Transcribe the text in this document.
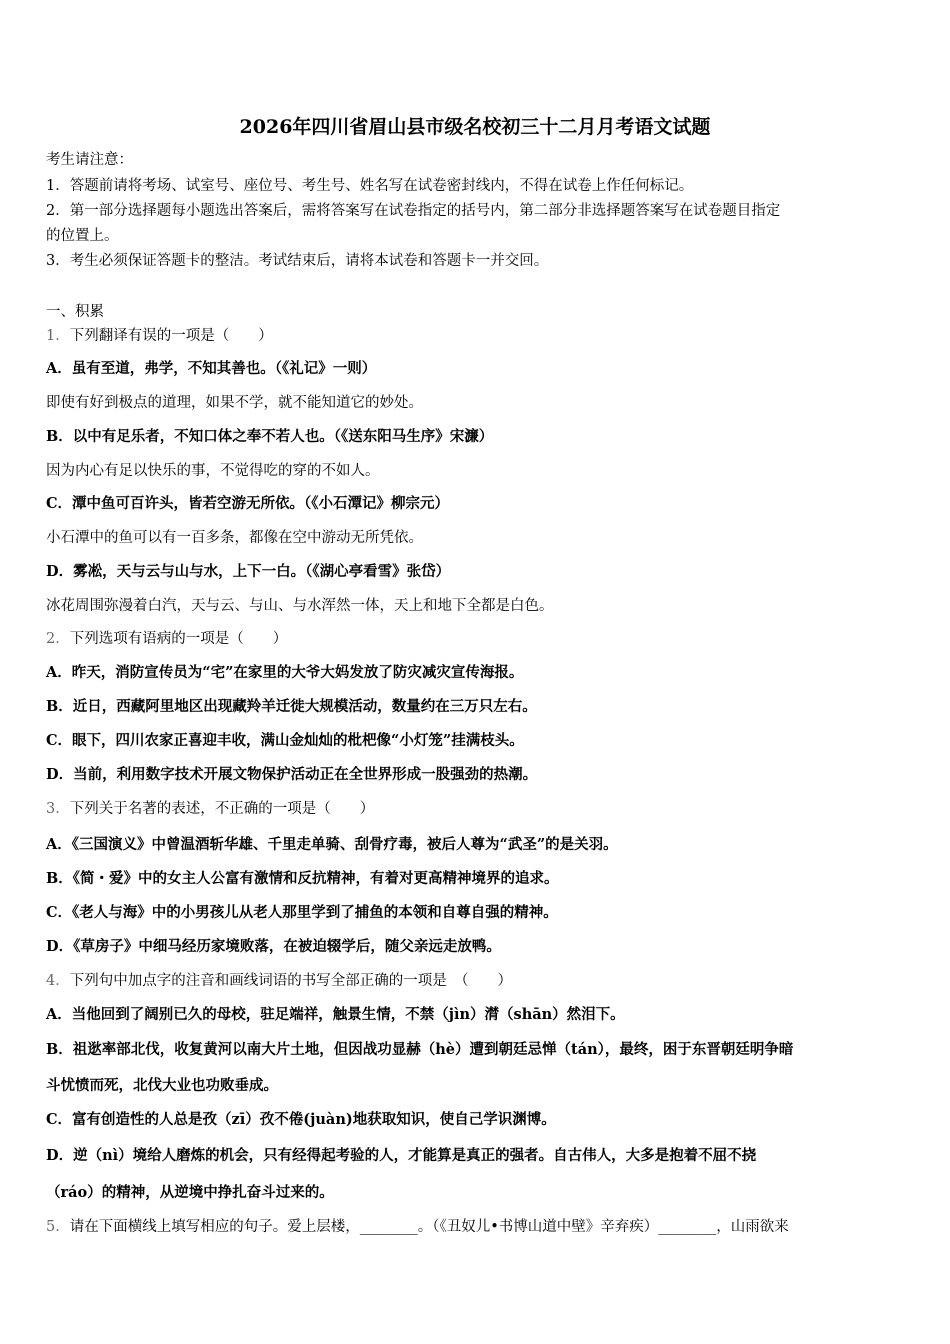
2026年四川省眉山县市级名校初三十二月月考语文试题
考生请注意：
1．答题前请将考场、试室号、座位号、考生号、姓名写在试卷密封线内，不得在试卷上作任何标记。
2．第一部分选择题每小题选出答案后，需将答案写在试卷指定的括号内，第二部分非选择题答案写在试卷题目指定
的位置上。
3．考生必须保证答题卡的整洁。考试结束后，请将本试卷和答题卡一并交回。
一、积累
1．下列翻译有误的一项是（　　）
A．虽有至道，弗学，不知其善也。（《礼记》一则）
即使有好到极点的道理，如果不学，就不能知道它的妙处。
B．以中有足乐者，不知口体之奉不若人也。（《送东阳马生序》宋濂）
因为内心有足以快乐的事，不觉得吃的穿的不如人。
C．潭中鱼可百许头，皆若空游无所依。（《小石潭记》柳宗元）
小石潭中的鱼可以有一百多条，都像在空中游动无所凭依。
D．雾凇，天与云与山与水，上下一白。（《湖心亭看雪》张岱）
冰花周围弥漫着白汽，天与云、与山、与水浑然一体，天上和地下全都是白色。
2．下列选项有语病的一项是（　　）
A．昨天，消防宣传员为“宅”在家里的大爷大妈发放了防灾减灾宣传海报。
B．近日，西藏阿里地区出现藏羚羊迁徙大规模活动，数量约在三万只左右。
C．眼下，四川农家正喜迎丰收，满山金灿灿的枇杷像“小灯笼”挂满枝头。
D．当前，利用数字技术开展文物保护活动正在全世界形成一股强劲的热潮。
3．下列关于名著的表述，不正确的一项是（　　）
A．《三国演义》中曾温酒斩华雄、千里走单骑、刮骨疗毒，被后人尊为“武圣”的是关羽。
B．《简・爱》中的女主人公富有激情和反抗精神，有着对更高精神境界的追求。
C．《老人与海》中的小男孩儿从老人那里学到了捕鱼的本领和自尊自强的精神。
D．《草房子》中细马经历家境败落，在被迫辍学后，随父亲远走放鸭。
4．下列句中加点字的注音和画线词语的书写全部正确的一项是　（　　）
A．当他回到了阔别已久的母校，驻足端祥，触景生情，不禁（jìn）潸（shān）然泪下。
B．祖逖率部北伐，收复黄河以南大片土地，但因战功显赫（hè）遭到朝廷忌惮（tán），最终，困于东晋朝廷明争暗
斗忧愤而死，北伐大业也功败垂成。
C．富有创造性的人总是孜（zī）孜不倦(juàn)地获取知识，使自己学识渊博。
D．逆（nì）境给人磨炼的机会，只有经得起考验的人，才能算是真正的强者。自古伟人，大多是抱着不屈不挠
（ráo）的精神，从逆境中挣扎奋斗过来的。
5．请在下面横线上填写相应的句子。爱上层楼，________。（《丑奴儿•书博山道中壁》辛弃疾）________，山雨欲来
